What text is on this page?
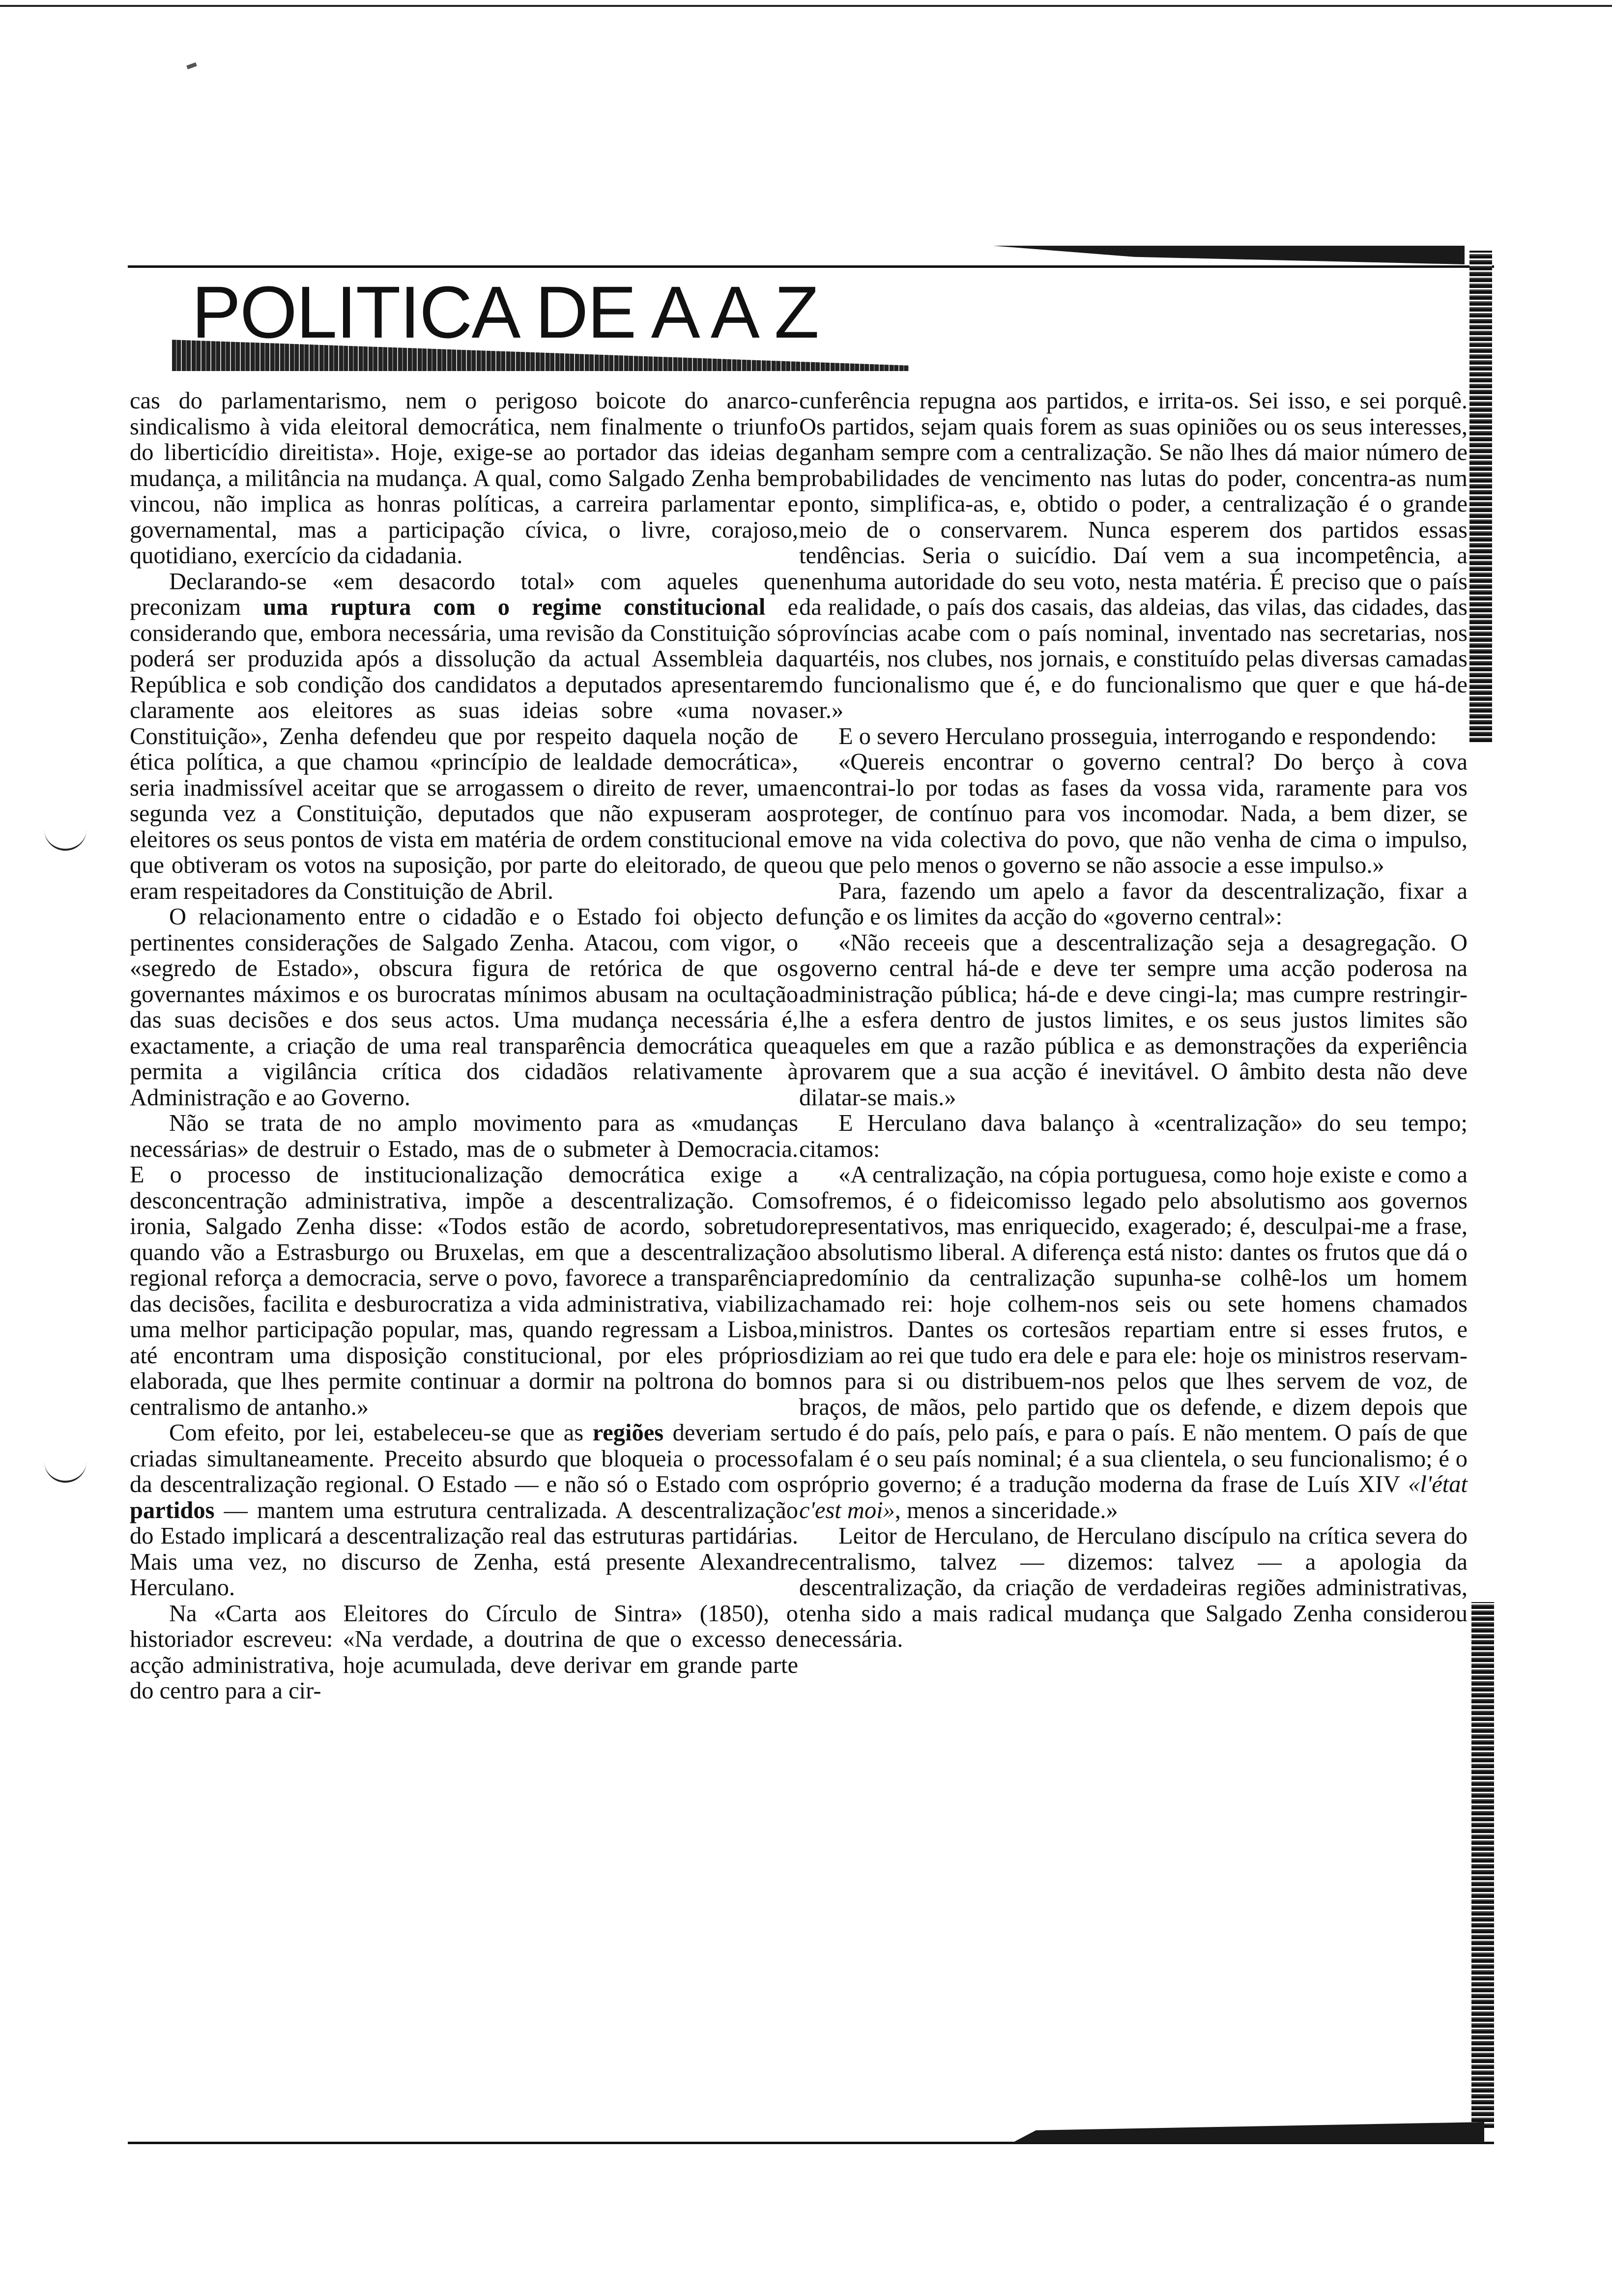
POLITICA DE A A Z

cas do parlamentarismo, nem o perigoso boicote do anarco-sindicalismo à vida eleitoral democrática, nem finalmente o triunfo do liberticídio direitista». Hoje, exige-se ao portador das ideias de mudança, a militância na mudança. A qual, como Salgado Zenha bem vincou, não implica as honras políticas, a carreira parlamentar e governamental, mas a participação cívica, o livre, corajoso, quotidiano, exercício da cidadania.

Declarando-se «em desacordo total» com aqueles que preconizam uma ruptura com o regime constitucional e considerando que, embora necessária, uma revisão da Constituição só poderá ser produzida após a dissolução da actual Assembleia da República e sob condição dos candidatos a deputados apresentarem claramente aos eleitores as suas ideias sobre «uma nova Constituição», Zenha defendeu que por respeito daquela noção de ética política, a que chamou «princípio de lealdade democrática», seria inadmissível aceitar que se arrogassem o direito de rever, uma segunda vez a Constituição, deputados que não expuseram aos eleitores os seus pontos de vista em matéria de ordem constitucional e que obtiveram os votos na suposição, por parte do eleitorado, de que eram respeitadores da Constituição de Abril.

O relacionamento entre o cidadão e o Estado foi objecto de pertinentes considerações de Salgado Zenha. Atacou, com vigor, o «segredo de Estado», obscura figura de retórica de que os governantes máximos e os burocratas mínimos abusam na ocultação das suas decisões e dos seus actos. Uma mudança necessária é, exactamente, a criação de uma real transparência democrática que permita a vigilância crítica dos cidadãos relativamente à Administração e ao Governo.

Não se trata de no amplo movimento para as «mudanças necessárias» de destruir o Estado, mas de o submeter à Democracia. E o processo de institucionalização democrática exige a desconcentração administrativa, impõe a descentralização. Com ironia, Salgado Zenha disse: «Todos estão de acordo, sobretudo quando vão a Estrasburgo ou Bruxelas, em que a descentralização regional reforça a democracia, serve o povo, favorece a transparência das decisões, facilita e desburocratiza a vida administrativa, viabiliza uma melhor participação popular, mas, quando regressam a Lisboa, até encontram uma disposição constitucional, por eles próprios elaborada, que lhes permite continuar a dormir na poltrona do bom centralismo de antanho.»

Com efeito, por lei, estabeleceu-se que as regiões deveriam ser criadas simultaneamente. Preceito absurdo que bloqueia o processo da descentralização regional. O Estado — e não só o Estado com os partidos — mantem uma estrutura centralizada. A descentralização do Estado implicará a descentralização real das estruturas partidárias. Mais uma vez, no discurso de Zenha, está presente Alexandre Herculano.

Na «Carta aos Eleitores do Círculo de Sintra» (1850), o historiador escreveu: «Na verdade, a doutrina de que o excesso de acção administrativa, hoje acumulada, deve derivar em grande parte do centro para a cir-

cunferência repugna aos partidos, e irrita-os. Sei isso, e sei porquê. Os partidos, sejam quais forem as suas opiniões ou os seus interesses, ganham sempre com a centralização. Se não lhes dá maior número de probabilidades de vencimento nas lutas do poder, concentra-as num ponto, simplifica-as, e, obtido o poder, a centralização é o grande meio de o conservarem. Nunca esperem dos partidos essas tendências. Seria o suicídio. Daí vem a sua incompetência, a nenhuma autoridade do seu voto, nesta matéria. É preciso que o país da realidade, o país dos casais, das aldeias, das vilas, das cidades, das províncias acabe com o país nominal, inventado nas secretarias, nos quartéis, nos clubes, nos jornais, e constituído pelas diversas camadas do funcionalismo que é, e do funcionalismo que quer e que há-de ser.»

E o severo Herculano prosseguia, interrogando e respondendo:

«Quereis encontrar o governo central? Do berço à cova encontrai-lo por todas as fases da vossa vida, raramente para vos proteger, de contínuo para vos incomodar. Nada, a bem dizer, se move na vida colectiva do povo, que não venha de cima o impulso, ou que pelo menos o governo se não associe a esse impulso.»

Para, fazendo um apelo a favor da descentralização, fixar a função e os limites da acção do «governo central»:

«Não receeis que a descentralização seja a desagregação. O governo central há-de e deve ter sempre uma acção poderosa na administração pública; há-de e deve cingi-la; mas cumpre restringir-lhe a esfera dentro de justos limites, e os seus justos limites são aqueles em que a razão pública e as demonstrações da experiência provarem que a sua acção é inevitável. O âmbito desta não deve dilatar-se mais.»

E Herculano dava balanço à «centralização» do seu tempo; citamos:

«A centralização, na cópia portuguesa, como hoje existe e como a sofremos, é o fideicomisso legado pelo absolutismo aos governos representativos, mas enriquecido, exagerado; é, desculpai-me a frase, o absolutismo liberal. A diferença está nisto: dantes os frutos que dá o predomínio da centralização supunha-se colhê-los um homem chamado rei: hoje colhem-nos seis ou sete homens chamados ministros. Dantes os cortesãos repartiam entre si esses frutos, e diziam ao rei que tudo era dele e para ele: hoje os ministros reservam-nos para si ou distribuem-nos pelos que lhes servem de voz, de braços, de mãos, pelo partido que os defende, e dizem depois que tudo é do país, pelo país, e para o país. E não mentem. O país de que falam é o seu país nominal; é a sua clientela, o seu funcionalismo; é o próprio governo; é a tradução moderna da frase de Luís XIV «l'état c'est moi», menos a sinceridade.»

Leitor de Herculano, de Herculano discípulo na crítica severa do centralismo, talvez — dizemos: talvez — a apologia da descentralização, da criação de verdadeiras regiões administrativas, tenha sido a mais radical mudança que Salgado Zenha considerou necessária.
